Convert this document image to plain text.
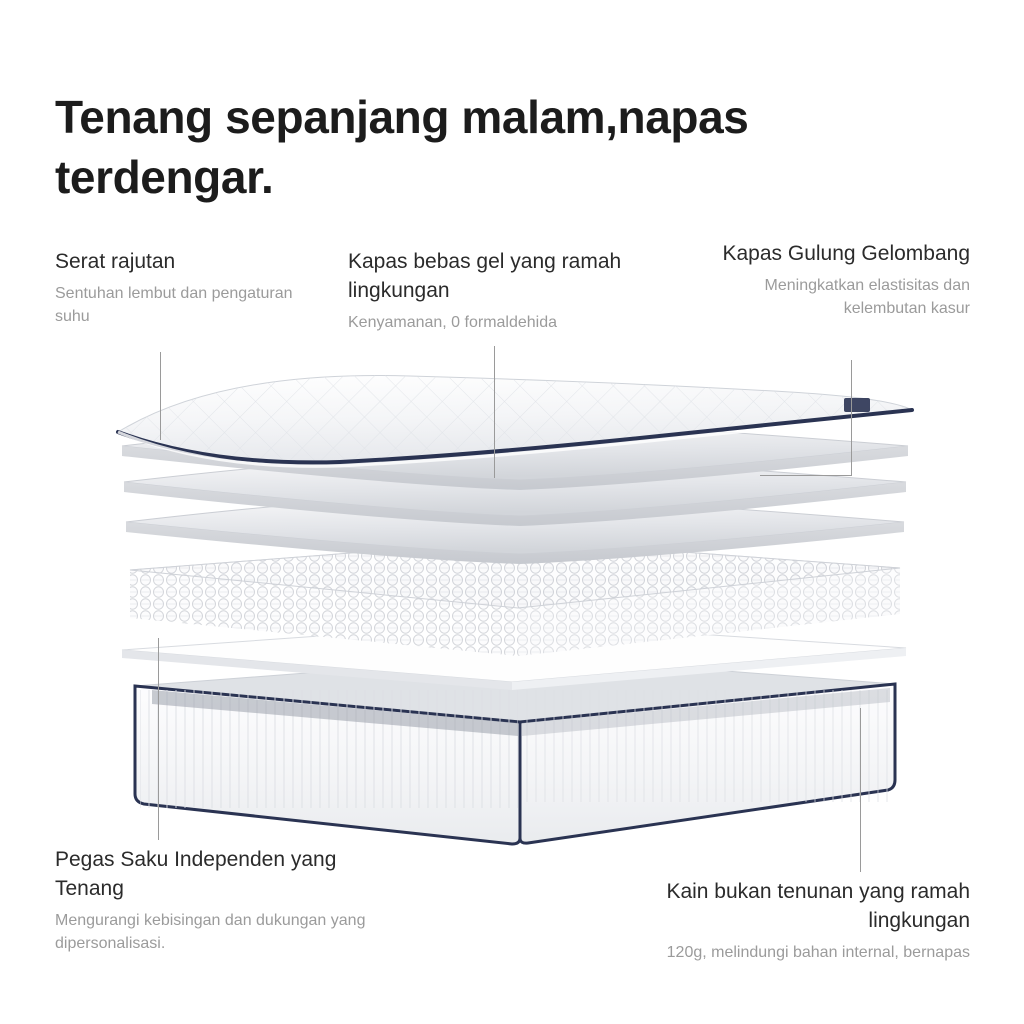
Tenang sepanjang malam,napas terdengar.
Serat rajutan
Sentuhan lembut dan pengaturan suhu
Kapas bebas gel yang ramah lingkungan
Kenyamanan, 0 formaldehida
Kapas Gulung Gelombang
Meningkatkan elastisitas dan kelembutan kasur
Pegas Saku Independen yang Tenang
Mengurangi kebisingan dan dukungan yang dipersonalisasi.
Kain bukan tenunan yang ramah lingkungan
120g, melindungi bahan internal, bernapas
